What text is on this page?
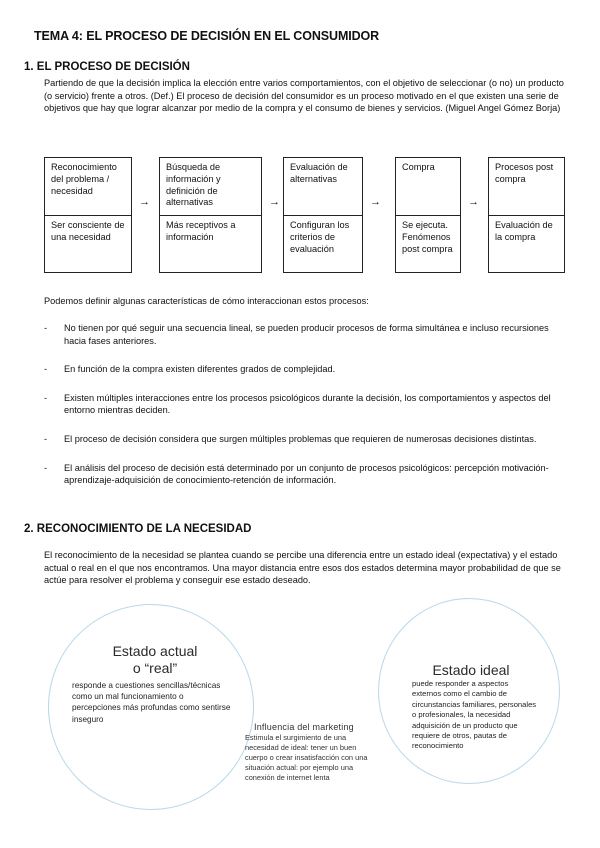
TEMA 4: EL PROCESO DE DECISIÓN EN EL CONSUMIDOR
1. EL PROCESO DE DECISIÓN
Partiendo de que la decisión implica la elección entre varios comportamientos, con el objetivo de seleccionar (o no) un producto (o servicio) frente a otros. (Def.) El proceso de decisión del consumidor es un proceso motivado en el que existen una serie de objetivos que hay que lograr alcanzar por medio de la compra y el consumo de bienes y servicios. (Miguel Angel Gómez Borja)
Reconocimiento del problema / necesidad
Ser consciente de una necesidad
→
Búsqueda de información y definición de alternativas
Más receptivos a información
→
Evaluación de alternativas
Configuran los criterios de evaluación
→
Compra
Se ejecuta. Fenómenos post compra
→
Procesos post compra
Evaluación de la compra
Podemos definir algunas características de cómo interaccionan estos procesos:
- No tienen por qué seguir una secuencia lineal, se pueden producir procesos de forma simultánea e incluso recursiones hacia fases anteriores.
- En función de la compra existen diferentes grados de complejidad.
- Existen múltiples interacciones entre los procesos psicológicos durante la decisión, los comportamientos y aspectos del entorno mientras deciden.
- El proceso de decisión considera que surgen múltiples problemas que requieren de numerosas decisiones distintas.
- El análisis del proceso de decisión está determinado por un conjunto de procesos psicológicos: percepción motivación-aprendizaje-adquisición de conocimiento-retención de información.
2. RECONOCIMIENTO DE LA NECESIDAD
El reconocimiento de la necesidad se plantea cuando se percibe una diferencia entre un estado ideal (expectativa) y el estado actual o real en el que nos encontramos. Una mayor distancia entre esos dos estados determina mayor probabilidad de que se actúe para resolver el problema y conseguir ese estado deseado.
Estado actual
o “real”
responde a cuestiones sencillas/técnicas como un mal funcionamiento o percepciones más profundas como sentirse inseguro
Influencia del marketing
Estimula el surgimiento de una necesidad de ideal: tener un buen cuerpo o crear insatisfacción con una situación actual: por ejemplo una conexión de internet lenta
Estado ideal
puede responder a aspectos externos como el cambio de circunstancias familiares, personales o profesionales, la necesidad adquisición de un producto que requiere de otros, pautas de reconocimiento
